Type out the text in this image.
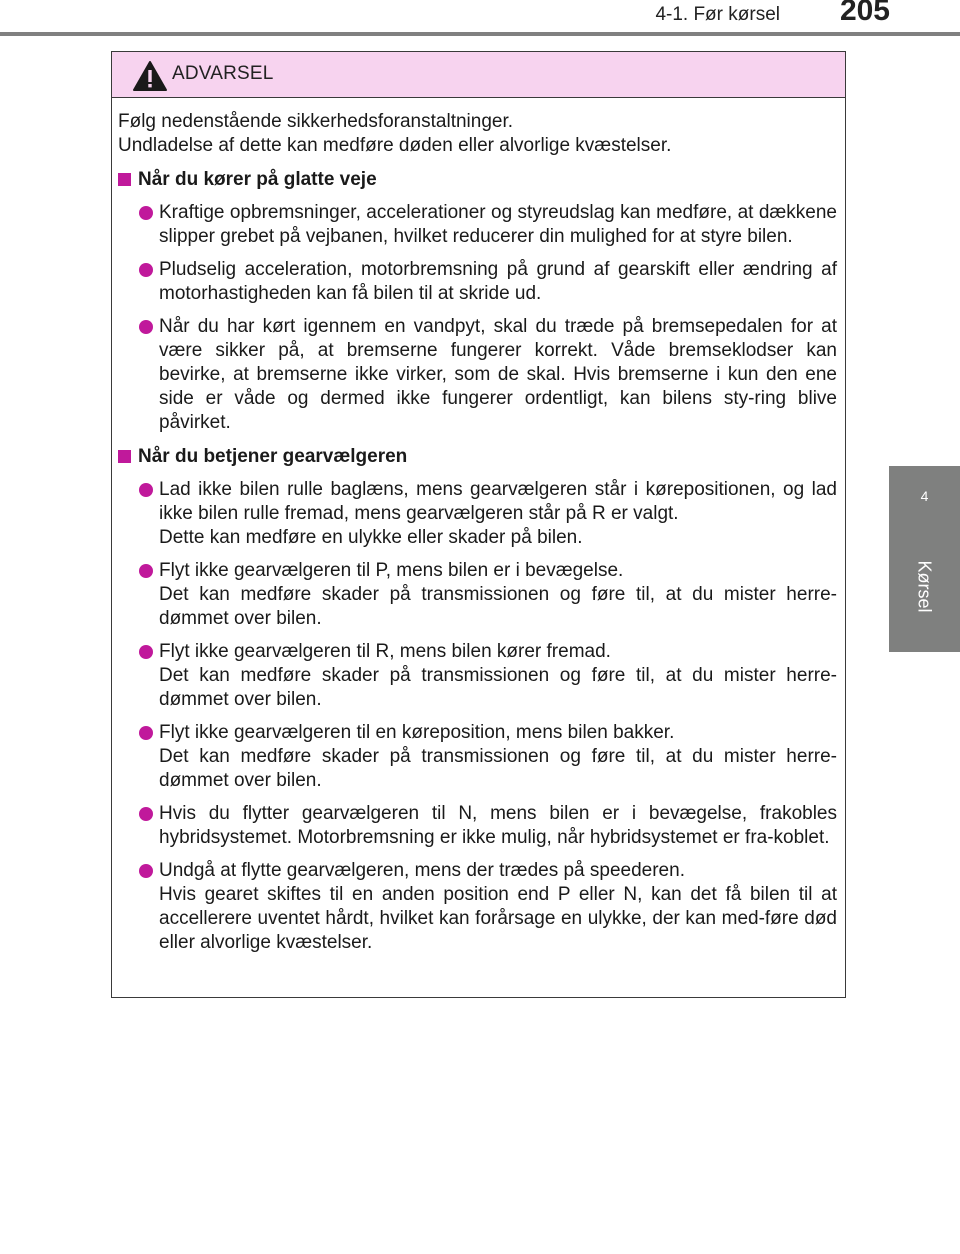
4-1. Før kørsel	205
4
Kørsel
ADVARSEL

Følg nedenstående sikkerhedsforanstaltninger.

Undladelse af dette kan medføre døden eller alvorlige kvæstelser.

Når du kører på glatte veje

Kraftige opbremsninger, accelerationer og styreudslag kan medføre, at dækkene slipper grebet på vejbanen, hvilket reducerer din mulighed for at styre bilen.

Pludselig acceleration, motorbremsning på grund af gearskift eller ændring af motorhastigheden kan få bilen til at skride ud.

Når du har kørt igennem en vandpyt, skal du træde på bremsepedalen for at være sikker på, at bremserne fungerer korrekt. Våde bremseklodser kan bevirke, at bremserne ikke virker, som de skal. Hvis bremserne i kun den ene side er våde og dermed ikke fungerer ordentligt, kan bilens sty-ring blive påvirket.

Når du betjener gearvælgeren

Lad ikke bilen rulle baglæns, mens gearvælgeren står i kørepositionen, og lad ikke bilen rulle fremad, mens gearvælgeren står på R er valgt.

Dette kan medføre en ulykke eller skader på bilen.

Flyt ikke gearvælgeren til P, mens bilen er i bevægelse.

Det kan medføre skader på transmissionen og føre til, at du mister herre-dømmet over bilen.

Flyt ikke gearvælgeren til R, mens bilen kører fremad.

Det kan medføre skader på transmissionen og føre til, at du mister herre-dømmet over bilen.

Flyt ikke gearvælgeren til en køreposition, mens bilen bakker.

Det kan medføre skader på transmissionen og føre til, at du mister herre-dømmet over bilen.

Hvis du flytter gearvælgeren til N, mens bilen er i bevægelse, frakobles hybridsystemet. Motorbremsning er ikke mulig, når hybridsystemet er fra-koblet.

Undgå at flytte gearvælgeren, mens der trædes på speederen.

Hvis gearet skiftes til en anden position end P eller N, kan det få bilen til at accellerere uventet hårdt, hvilket kan forårsage en ulykke, der kan med-føre død eller alvorlige kvæstelser.
